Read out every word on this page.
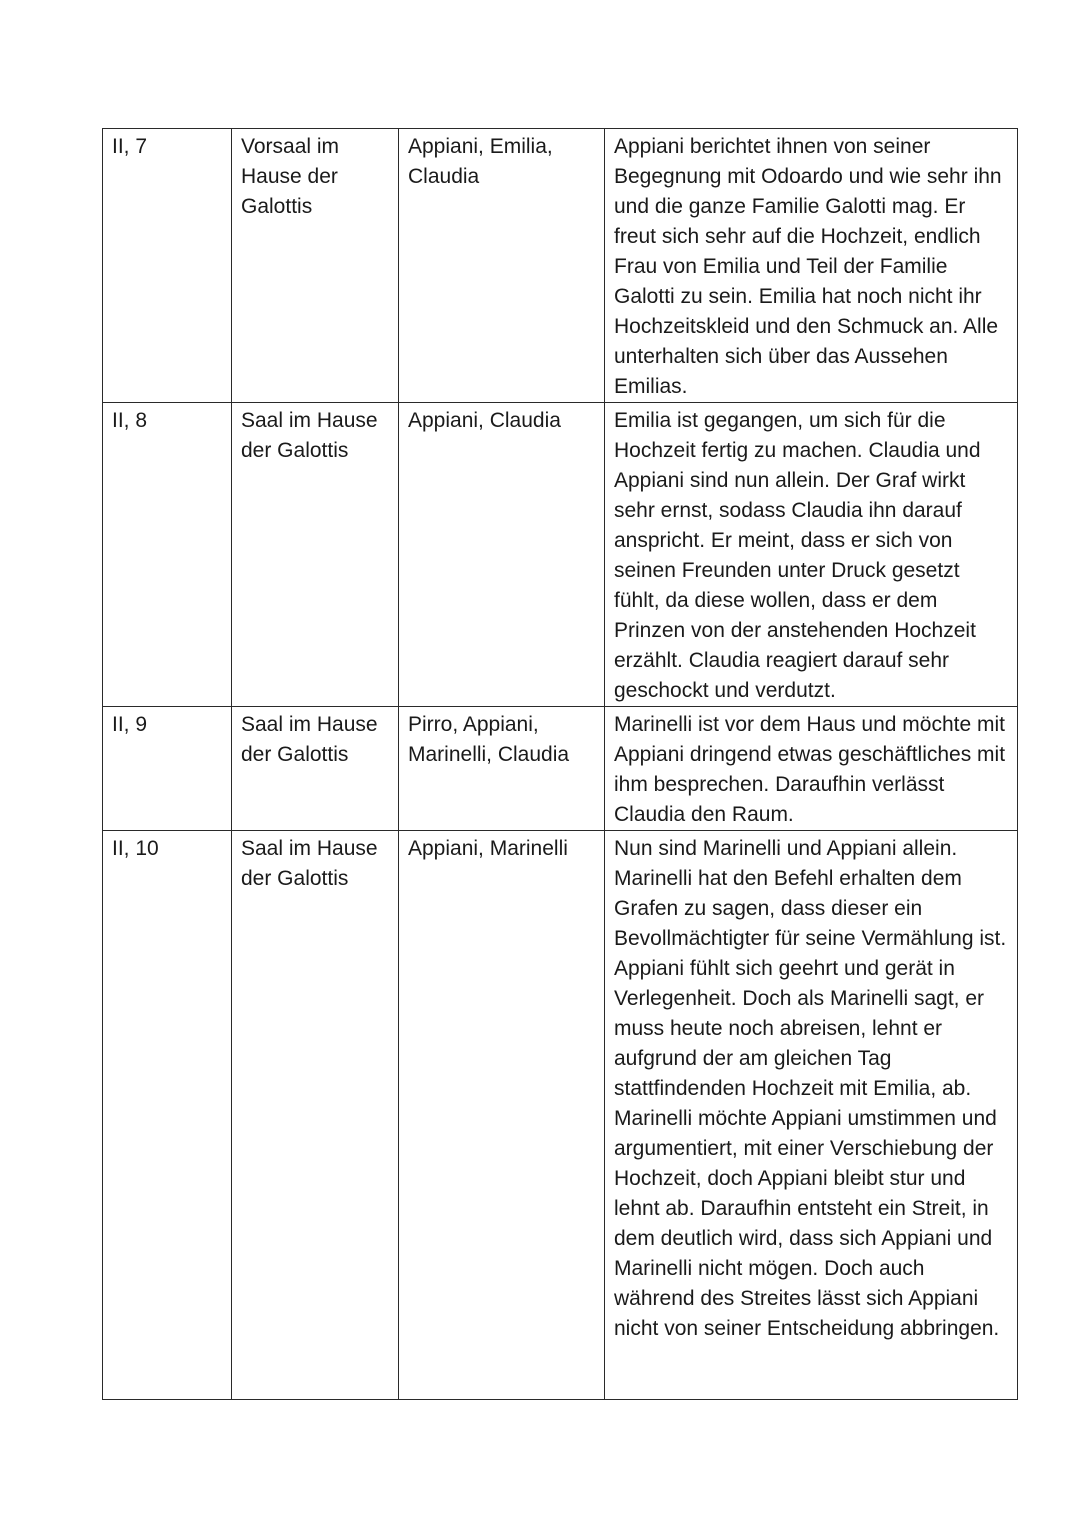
II, 7	Vorsaal im Hause der Galottis	Appiani, Emilia, Claudia	Appiani berichtet ihnen von seiner Begegnung mit Odoardo und wie sehr ihn und die ganze Familie Galotti mag. Er freut sich sehr auf die Hochzeit, endlich Frau von Emilia und Teil der Familie Galotti zu sein. Emilia hat noch nicht ihr Hochzeitskleid und den Schmuck an. Alle unterhalten sich über das Aussehen Emilias.

II, 8	Saal im Hause der Galottis	Appiani, Claudia	Emilia ist gegangen, um sich für die Hochzeit fertig zu machen. Claudia und Appiani sind nun allein. Der Graf wirkt sehr ernst, sodass Claudia ihn darauf anspricht. Er meint, dass er sich von seinen Freunden unter Druck gesetzt fühlt, da diese wollen, dass er dem Prinzen von der anstehenden Hochzeit erzählt. Claudia reagiert darauf sehr geschockt und verdutzt.

II, 9	Saal im Hause der Galottis	Pirro, Appiani, Marinelli, Claudia	Marinelli ist vor dem Haus und möchte mit Appiani dringend etwas geschäftliches mit ihm besprechen. Daraufhin verlässt Claudia den Raum.

II, 10	Saal im Hause der Galottis	Appiani, Marinelli	Nun sind Marinelli und Appiani allein. Marinelli hat den Befehl erhalten dem Grafen zu sagen, dass dieser ein Bevollmächtigter für seine Vermählung ist. Appiani fühlt sich geehrt und gerät in Verlegenheit. Doch als Marinelli sagt, er muss heute noch abreisen, lehnt er aufgrund der am gleichen Tag stattfindenden Hochzeit mit Emilia, ab. Marinelli möchte Appiani umstimmen und argumentiert, mit einer Verschiebung der Hochzeit, doch Appiani bleibt stur und lehnt ab. Daraufhin entsteht ein Streit, in dem deutlich wird, dass sich Appiani und Marinelli nicht mögen. Doch auch während des Streites lässt sich Appiani nicht von seiner Entscheidung abbringen.
